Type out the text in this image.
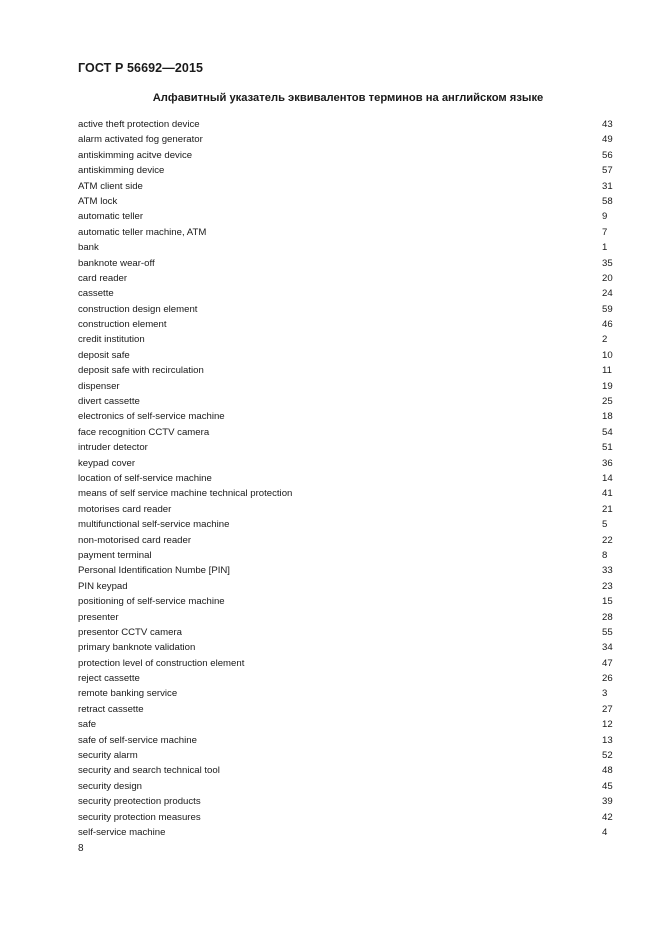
ГОСТ Р 56692—2015
Алфавитный указатель эквивалентов терминов на английском языке
active theft protection device	43
alarm activated fog generator	49
antiskimming acitve device	56
antiskimming device	57
ATM client side	31
ATM lock	58
automatic teller	9
automatic teller machine, ATM	7
bank	1
banknote wear-off	35
card reader	20
cassette	24
construction design element	59
construction element	46
credit institution	2
deposit safe	10
deposit safe with recirculation	11
dispenser	19
divert cassette	25
electronics of self-service machine	18
face recognition CCTV camera	54
intruder detector	51
keypad cover	36
location of self-service machine	14
means of self service machine technical protection	41
motorises card reader	21
multifunctional self-service machine	5
non-motorised card reader	22
payment terminal	8
Personal Identification Numbe [PIN]	33
PIN keypad	23
positioning of self-service machine	15
presenter	28
presentor CCTV camera	55
primary banknote validation	34
protection level of construction element	47
reject cassette	26
remote banking service	3
retract cassette	27
safe	12
safe of self-service machine	13
security alarm	52
security and search technical tool	48
security design	45
security preotection products	39
security protection measures	42
self-service machine	4
8
